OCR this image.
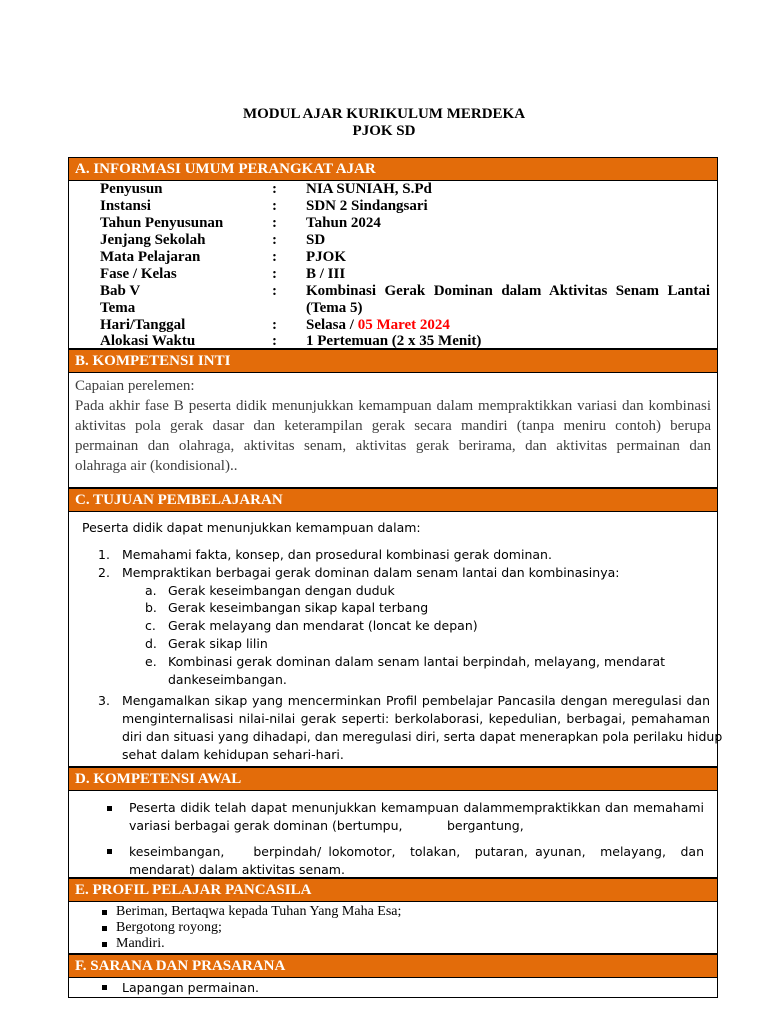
MODUL AJAR KURIKULUM MERDEKA
PJOK SD
A. INFORMASI UMUM PERANGKAT AJAR
Penyusun	: NIA SUNIAH, S.Pd
Instansi	: SDN 2 Sindangsari
Tahun Penyusunan	: Tahun 2024
Jenjang Sekolah	: SD
Mata Pelajaran	: PJOK
Fase / Kelas	: B / III
Bab V	: Kombinasi Gerak Dominan dalam Aktivitas Senam Lantai
Tema	(Tema 5)
Hari/Tanggal	: Selasa / 05 Maret 2024
Alokasi Waktu	: 1 Pertemuan (2 x 35 Menit)
B. KOMPETENSI INTI
Capaian perelemen:
Pada akhir fase B peserta didik menunjukkan kemampuan dalam mempraktikkan variasi dan kombinasi
aktivitas pola gerak dasar dan keterampilan gerak secara mandiri (tanpa meniru contoh) berupa
permainan dan olahraga, aktivitas senam, aktivitas gerak berirama, dan aktivitas permainan dan
olahraga air (kondisional)..
C. TUJUAN PEMBELAJARAN
Peserta didik dapat menunjukkan kemampuan dalam:
1. Memahami fakta, konsep, dan prosedural kombinasi gerak dominan.
2. Mempraktikan berbagai gerak dominan dalam senam lantai dan kombinasinya:
a. Gerak keseimbangan dengan duduk
b. Gerak keseimbangan sikap kapal terbang
c. Gerak melayang dan mendarat (loncat ke depan)
d. Gerak sikap lilin
e. Kombinasi gerak dominan dalam senam lantai berpindah, melayang, mendarat
dankeseimbangan.
3. Mengamalkan sikap yang mencerminkan Profil pembelajar Pancasila dengan meregulasi dan
menginternalisasi nilai-nilai gerak seperti: berkolaborasi, kepedulian, berbagai, pemahaman
diri dan situasi yang dihadapi, dan meregulasi diri, serta dapat menerapkan pola perilaku hidup
sehat dalam kehidupan sehari-hari.
D. KOMPETENSI AWAL
Peserta didik telah dapat menunjukkan kemampuan dalammempraktikkan dan memahami
variasi berbagai gerak dominan (bertumpu,	bergantung,
keseimbangan,    berpindah/ lokomotor,  tolakan,  putaran, ayunan,  melayang,  dan
mendarat) dalam aktivitas senam.
E. PROFIL PELAJAR PANCASILA
Beriman, Bertaqwa kepada Tuhan Yang Maha Esa;
Bergotong royong;
Mandiri.
F. SARANA DAN PRASARANA
Lapangan permainan.
